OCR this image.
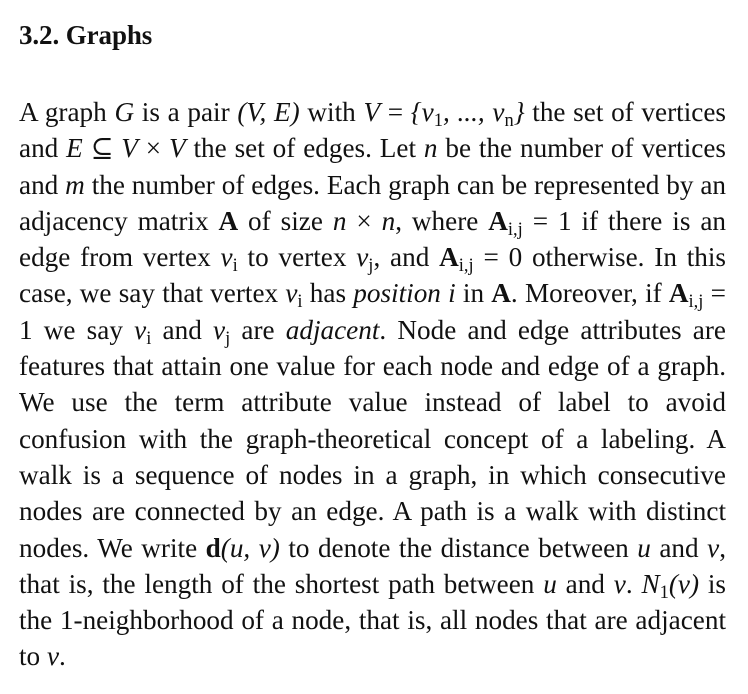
3.2. Graphs

A graph G is a pair (V, E) with $V = \{v_1$, ..., $v_n$} the set of vertices and E ⊆ V × V the set of edges. Let n be the number of vertices and m the number of edges. Each graph can be represented by an adjacency matrix A of size n × n, where $A_{i,j} = 1$ if there is an edge from vertex $v_i$ to vertex $v_j$, and $A_{i,j} = 0$ otherwise. In this case, we say that vertex $v_i$ has position i in A. Moreover, if $A_{i,j} = 1$ we say $v_i$ and $v_j$ are adjacent. Node and edge attributes are features that attain one value for each node and edge of a graph. We use the term attribute value instead of label to avoid confusion with the graph-theoretical concept of a labeling. A walk is a sequence of nodes in a graph, in which consecutive nodes are connected by an edge. A path is a walk with distinct nodes. We write d(u, v) to denote the distance between u and v, that is, the length of the shortest path between u and v. $N_1(v)$ is the 1-neighborhood of a node, that is, all nodes that are adjacent to v.
